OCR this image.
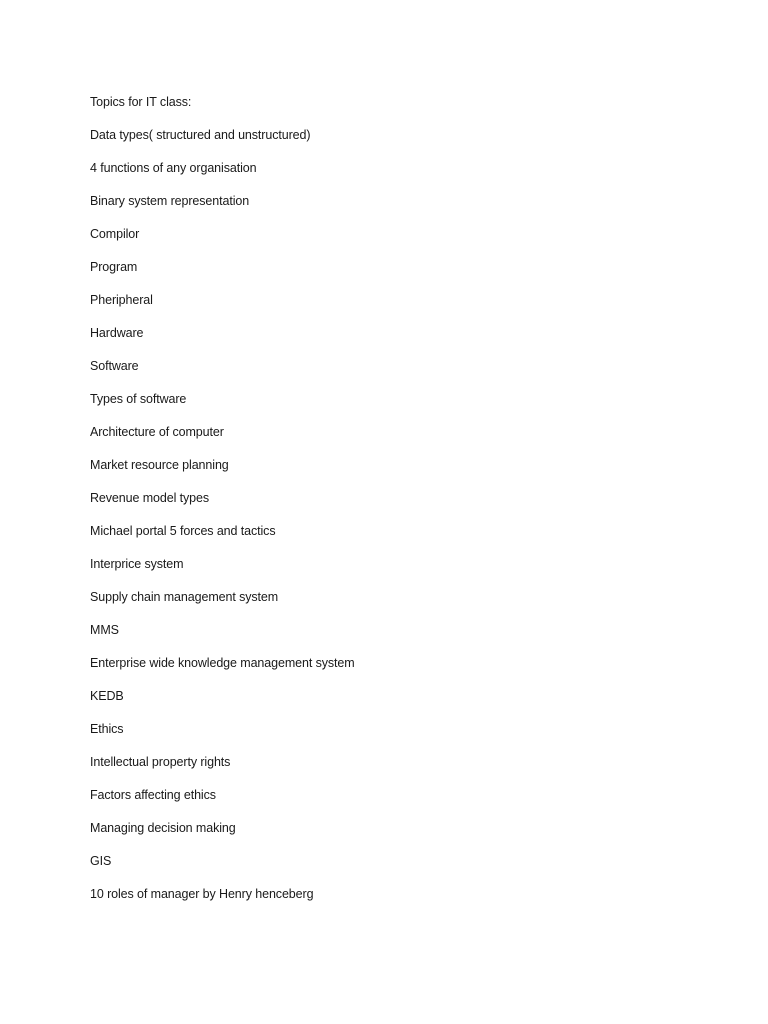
Topics for IT class:
Data types( structured and unstructured)
4 functions of any organisation
Binary system representation
Compilor
Program
Pheripheral
Hardware
Software
Types of software
Architecture of computer
Market resource planning
Revenue model types
Michael portal 5 forces and tactics
Interprice system
Supply chain management system
MMS
Enterprise wide knowledge management system
KEDB
Ethics
Intellectual property rights
Factors affecting ethics
Managing decision making
GIS
10 roles of manager by Henry henceberg
